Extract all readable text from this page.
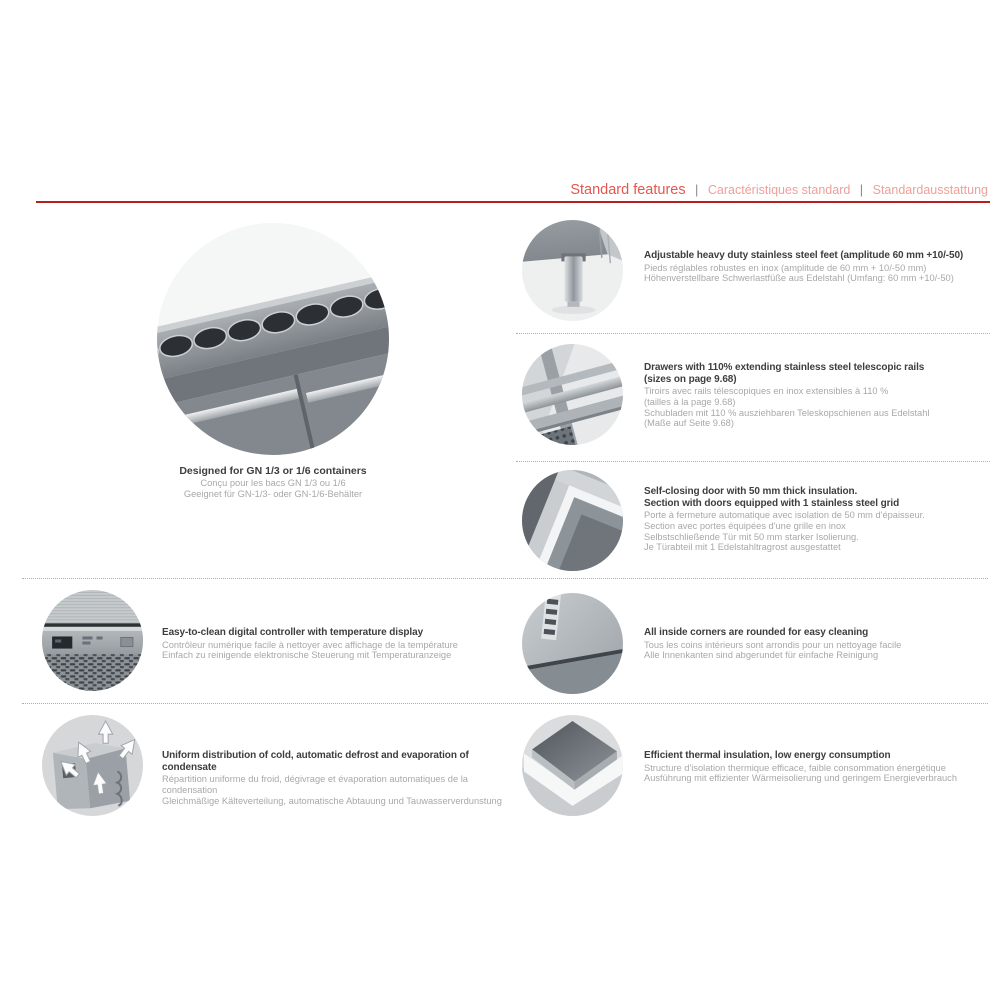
Standard features | Caractéristiques standard | Standardausstattung
Designed for GN 1/3 or 1/6 containers
Conçu pour les bacs GN 1/3 ou 1/6
Geeignet für GN-1/3- oder GN-1/6-Behälter
Adjustable heavy duty stainless steel feet (amplitude 60 mm +10/-50)
Pieds réglables robustes en inox (amplitude de 60 mm + 10/-50 mm)
Höhenverstellbare Schwerlastfüße aus Edelstahl (Umfang: 60 mm +10/-50)
Drawers with 110% extending stainless steel telescopic rails
(sizes on page 9.68)
Tiroirs avec rails télescopiques en inox extensibles à 110 %
(tailles à la page 9.68)
Schubladen mit 110 % ausziehbaren Teleskopschienen aus Edelstahl
(Maße auf Seite 9.68)
Self-closing door with 50 mm thick insulation.
Section with doors equipped with 1 stainless steel grid
Porte à fermeture automatique avec isolation de 50 mm d'épaisseur.
Section avec portes équipées d'une grille en inox
Selbstschließende Tür mit 50 mm starker Isolierung.
Je Türabteil mit 1 Edelstahltragrost ausgestattet
Easy-to-clean digital controller with temperature display
Contrôleur numérique facile à nettoyer avec affichage de la température
Einfach zu reinigende elektronische Steuerung mit Temperaturanzeige
All inside corners are rounded for easy cleaning
Tous les coins intérieurs sont arrondis pour un nettoyage facile
Alle Innenkanten sind abgerundet für einfache Reinigung
Uniform distribution of cold, automatic defrost and evaporation of condensate
Répartition uniforme du froid, dégivrage et évaporation automatiques de la condensation
Gleichmäßige Kälteverteilung, automatische Abtauung und Tauwasserverdunstung
Efficient thermal insulation, low energy consumption
Structure d'isolation thermique efficace, faible consommation énergétique
Ausführung mit effizienter Wärmeisolierung und geringem Energieverbrauch
